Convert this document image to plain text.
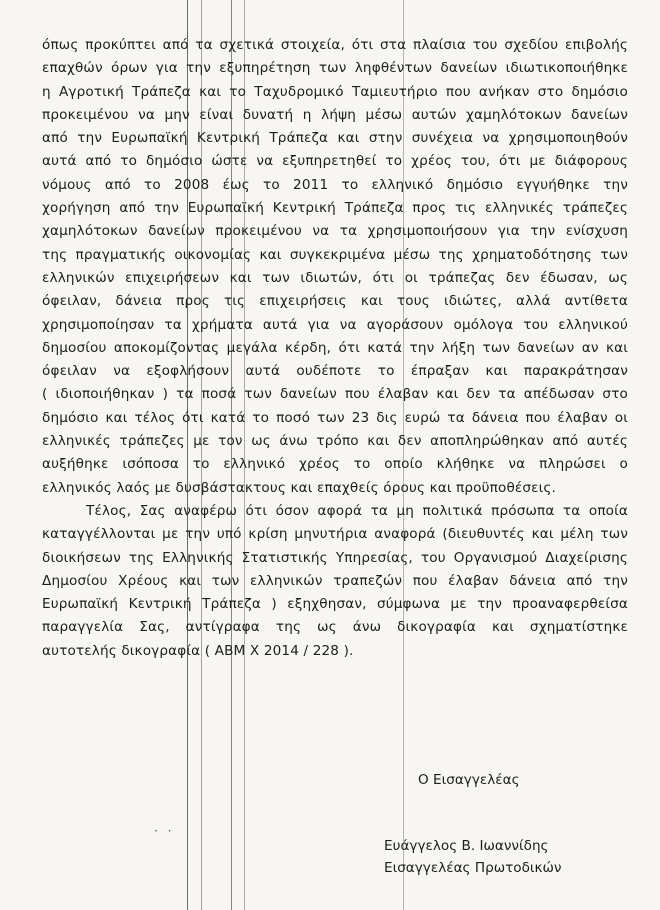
όπως προκύπτει από τα σχετικά στοιχεία, ότι στα πλαίσια του σχεδίου επιβολής
επαχθών όρων για την εξυπηρέτηση των ληφθέντων δανείων ιδιωτικοποιήθηκε
η Αγροτική Τράπεζα και το Ταχυδρομικό Ταμιευτήριο που ανήκαν στο δημόσιο
προκειμένου να μην είναι δυνατή η λήψη μέσω αυτών χαμηλότοκων δανείων
από την Ευρωπαϊκή Κεντρική Τράπεζα και στην συνέχεια να χρησιμοποιηθούν
αυτά από το δημόσιο ώστε να εξυπηρετηθεί το χρέος του, ότι με διάφορους
νόμους από το 2008 έως το 2011 το ελληνικό δημόσιο εγγυήθηκε την
χορήγηση από την Ευρωπαϊκή Κεντρική Τράπεζα προς τις ελληνικές τράπεζες
χαμηλότοκων δανείων προκειμένου να τα χρησιμοποιήσουν για την ενίσχυση
της πραγματικής οικονομίας και συγκεκριμένα μέσω της χρηματοδότησης των
ελληνικών επιχειρήσεων και των ιδιωτών, ότι οι τράπεζας δεν έδωσαν, ως
όφειλαν, δάνεια προς τις επιχειρήσεις και τους ιδιώτες, αλλά αντίθετα
χρησιμοποίησαν τα χρήματα αυτά για να αγοράσουν ομόλογα του ελληνικού
δημοσίου αποκομίζοντας μεγάλα κέρδη, ότι κατά την λήξη των δανείων αν και
όφειλαν να εξοφλήσουν αυτά ουδέποτε το έπραξαν και παρακράτησαν
( ιδιοποιήθηκαν ) τα ποσά των δανείων που έλαβαν και δεν τα απέδωσαν στο
δημόσιο και τέλος ότι κατά το ποσό των 23 δις ευρώ τα δάνεια που έλαβαν οι
ελληνικές τράπεζες με τον ως άνω τρόπο και δεν αποπληρώθηκαν από αυτές
αυξήθηκε ισόποσα το ελληνικό χρέος το οποίο κλήθηκε να πληρώσει ο
ελληνικός λαός με δυσβάστακτους και επαχθείς όρους και προϋποθέσεις.
Τέλος, Σας αναφέρω ότι όσον αφορά τα μη πολιτικά πρόσωπα τα οποία
καταγγέλλονται με την υπό κρίση μηνυτήρια αναφορά (διευθυντές και μέλη των
διοικήσεων της Ελληνικής Στατιστικής Υπηρεσίας, του Οργανισμού Διαχείρισης
Δημοσίου Χρέους και των ελληνικών τραπεζών που έλαβαν δάνεια από την
Ευρωπαϊκή Κεντρική Τράπεζα ) εξηχθησαν, σύμφωνα με την προαναφερθείσα
παραγγελία Σας, αντίγραφα της ως άνω δικογραφία και σχηματίστηκε
αυτοτελής δικογραφία ( ΑΒΜ Χ 2014 / 228 ).
· ·
Ο Εισαγγελέας
Ευάγγελος Β. Ιωαννίδης
Εισαγγελέας Πρωτοδικών
